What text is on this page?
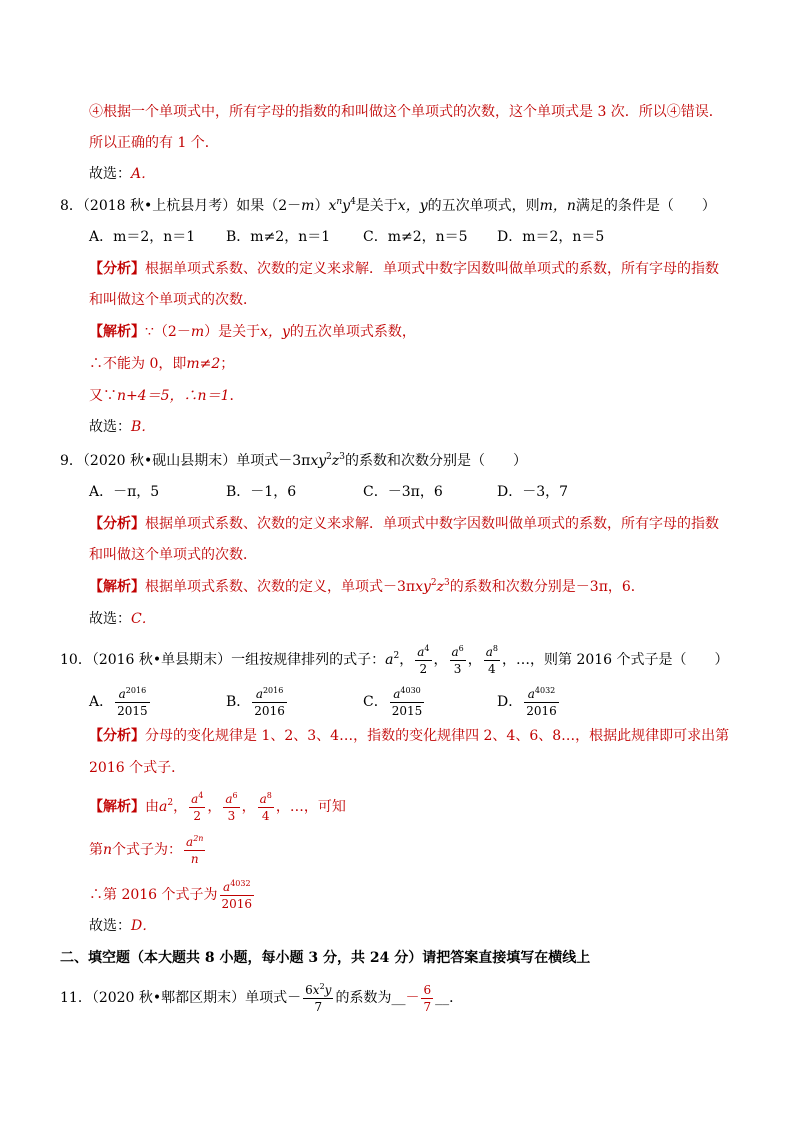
④根据一个单项式中，所有字母的指数的和叫做这个单项式的次数，这个单项式是 3 次．所以④错误．
所以正确的有 1 个．
故选：A．
8．（2018 秋•上杭县月考）如果$(2-m)x^ny^4$是关于x，y的五次单项式，则m，n满足的条件是（　　）
A．m＝2，n＝1 B．m≠2，n＝1 C．m≠2，n＝5 D．m＝2，n＝5
【分析】根据单项式系数、次数的定义来求解．单项式中数字因数叫做单项式的系数，所有字母的指数
和叫做这个单项式的次数．
【解析】∵（2－m）是关于x，y的五次单项式系数，
∴不能为 0，即m≠2；
又∵n+4＝5，∴n＝1．
故选：B．
9．（2020 秋•砚山县期末）单项式$-3\pi xy^2z^3$的系数和次数分别是（　　）
A．－π，5	B．－1，6	C．－3π，6	D．－3，7
【分析】根据单项式系数、次数的定义来求解．单项式中数字因数叫做单项式的系数，所有字母的指数
和叫做这个单项式的次数．
【解析】根据单项式系数、次数的定义，单项式$-3\pi xy^2z^3$的系数和次数分别是－3π，6．
故选：C．
10．（2016 秋•单县期末）一组按规律排列的式子：$a^2$， $\frac{a^4}{2}$ ， $\frac{a^6}{3}$ ， $\frac{a^8}{4}$ ，…，则第 2016 个式子是（　　）
A． $\frac{a^{2016}}{2015}$	B． $\frac{a^{2016}}{2016}$	C． $\frac{a^{4030}}{2015}$	D． $\frac{a^{4032}}{2016}$
【分析】分母的变化规律是 1、2、3、4…，指数的变化规律四 2、4、6、8…，根据此规律即可求出第
2016 个式子．
【解析】由$a^2$， $\frac{a^4}{2}$ ， $\frac{a^6}{3}$ ， $\frac{a^8}{4}$ ，…，可知
第n个式子为： $\frac{a^{2n}}{n}$
∴第 2016 个式子为 $\frac{a^{4032}}{2016}$
故选：D．
二、填空题（本大题共 8 小题，每小题 3 分，共 24 分）请把答案直接填写在横线上
11．（2020 秋•郫都区期末）单项式－ $\frac{6x^2y}{7}$ 的系数为__－ $\frac{6}{7}$ __．
